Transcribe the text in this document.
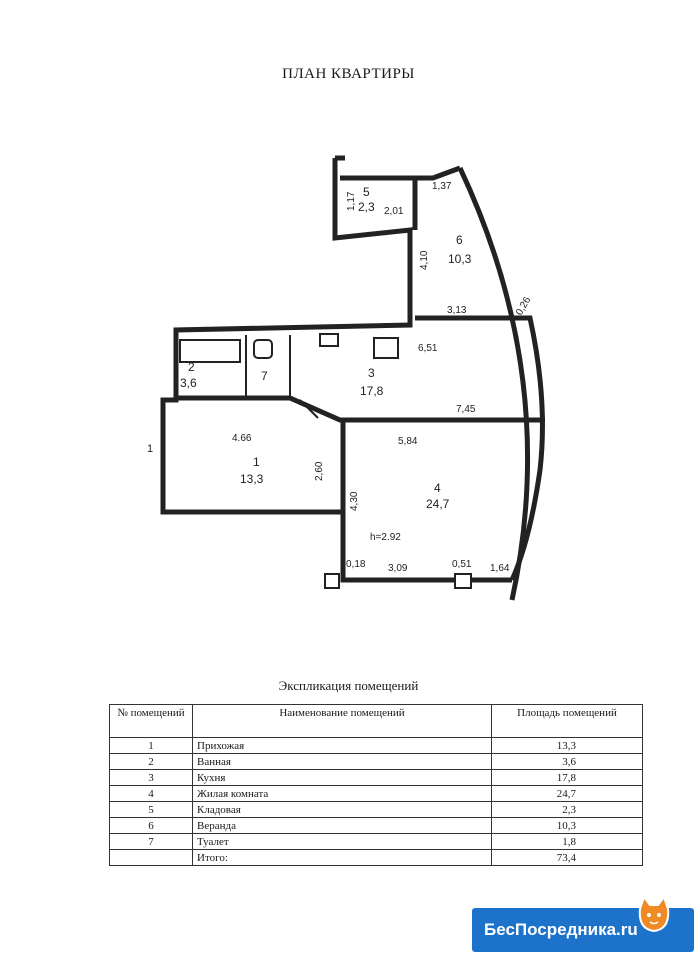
ПЛАН КВАРТИРЫ
5
2,3
6
10,3
2
3,6	7	3
17,8
1
13,3
4
24,7
1,17
1,37
2,01
4,10
3,13	0,26
6,51
7,45
4.66	5,84
2,60
4,30
0,18 3,09	0,51 1,64
h=2.92
1
Экспликация помещений
№ помещений	Наименование помещений	Площадь помещений
1	Прихожая	13,3
2	Ванная	3,6
3	Кухня	17,8
4	Жилая комната	24,7
5	Кладовая	2,3
6	Веранда	10,3
7	Туалет	1,8
	Итого:	73,4
БесПосредника.ru
